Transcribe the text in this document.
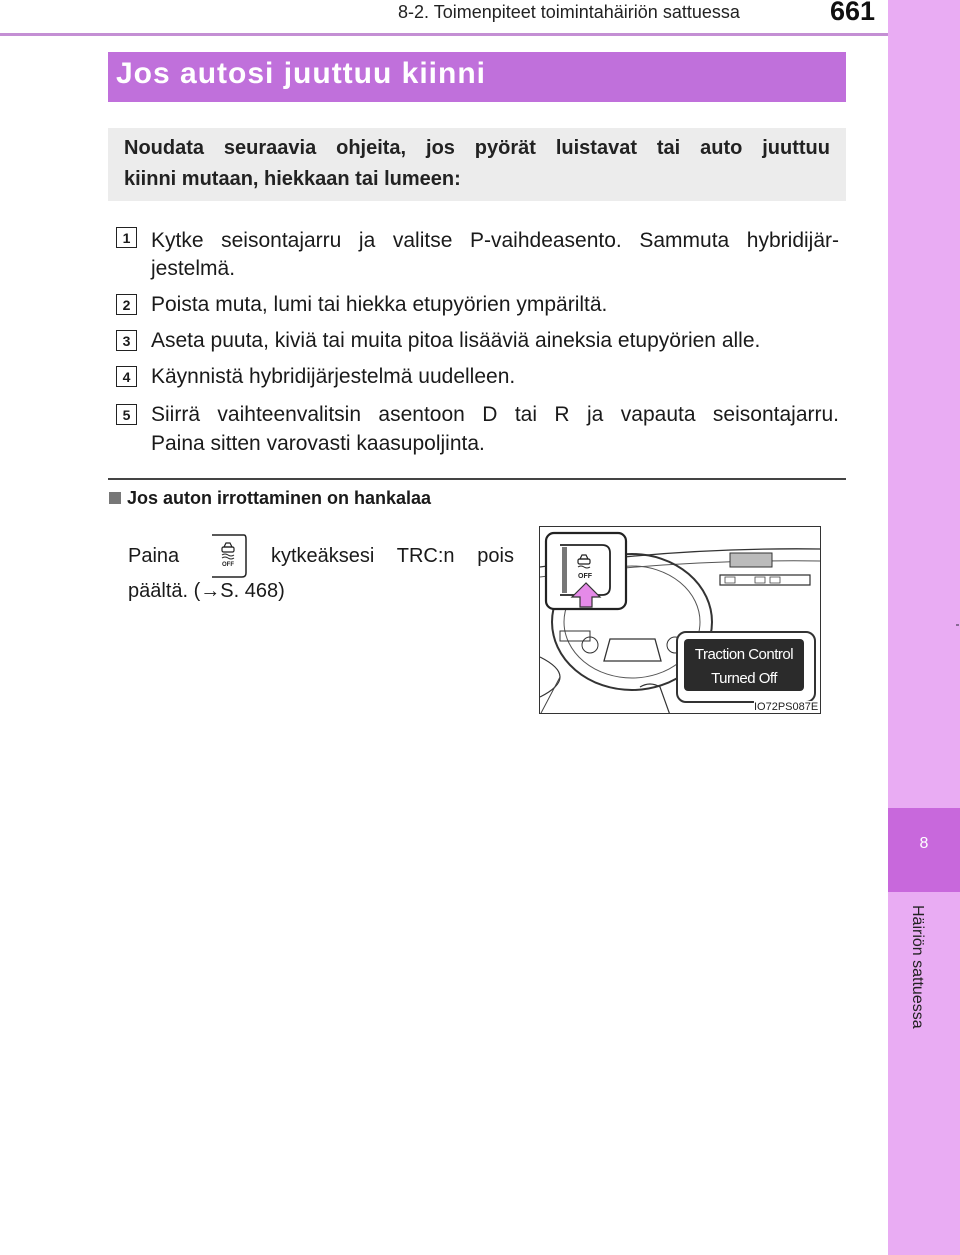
8-2. Toimenpiteet toimintahäiriön sattuessa	661
8
Häiriön sattuessa
Jos autosi juuttuu kiinni

Noudata seuraavia ohjeita, jos pyörät luistavat tai auto juuttuu

kiinni mutaan, hiekkaan tai lumeen:

1 Kytke seisontajarru ja valitse P-vaihdeasento. Sammuta hybridijär-

jestelmä.

2 Poista muta, lumi tai hiekka etupyörien ympäriltä.

3 Aseta puuta, kiviä tai muita pitoa lisääviä aineksia etupyörien alle.

4 Käynnistä hybridijärjestelmä uudelleen.

5 Siirrä vaihteenvalitsin asentoon D tai R ja vapauta seisontajarru.

Paina sitten varovasti kaasupoljinta.

Jos auton irrottaminen on hankalaa
Paina	OFF kytkeäksesi TRC:n pois
päältä. (→S. 468)
OFF
Traction Control
Turned Off
IO72PS087E
